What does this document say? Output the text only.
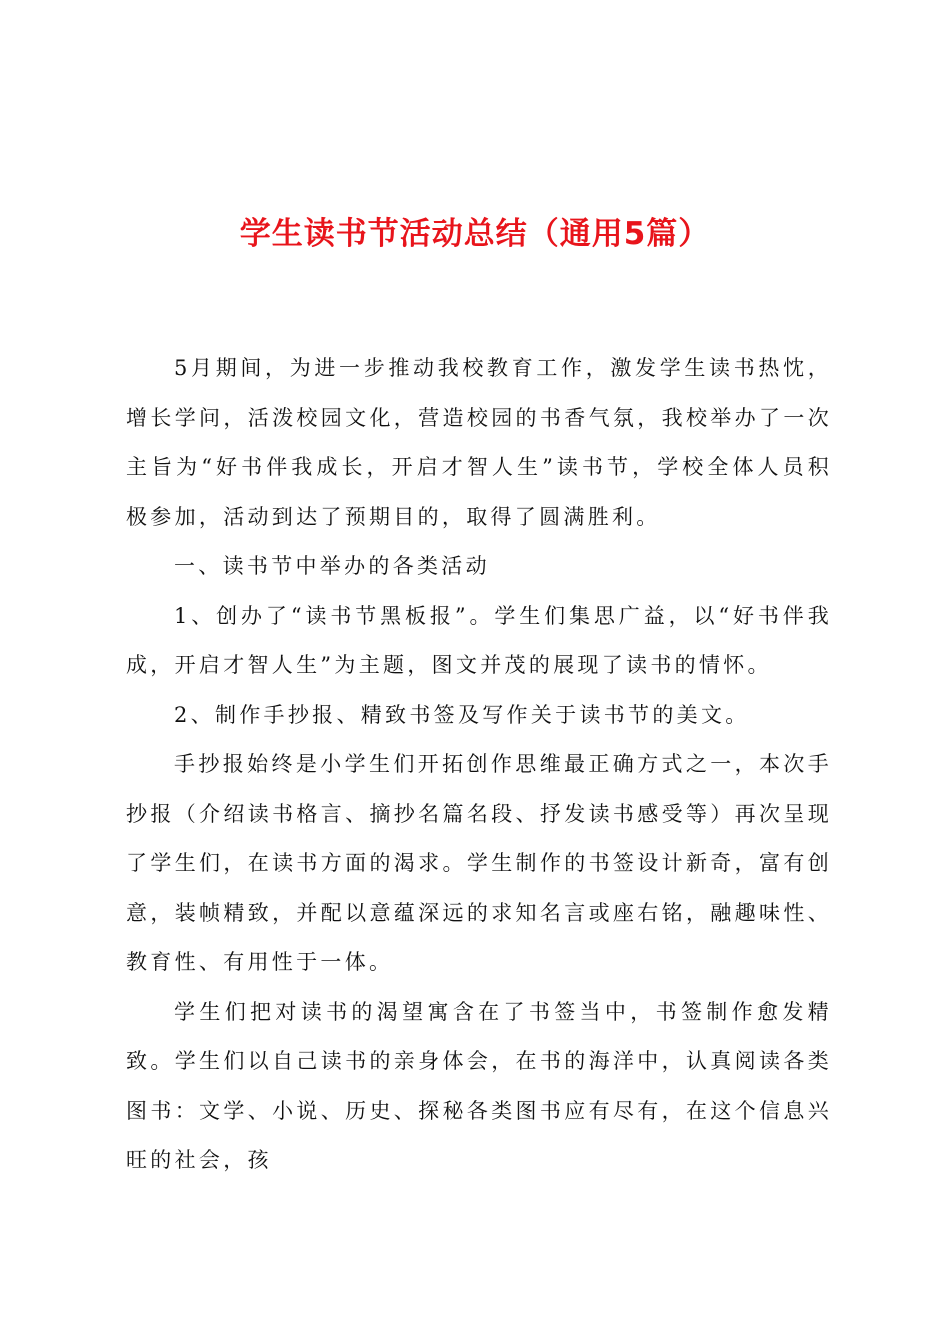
学生读书节活动总结（通用5篇）

5月期间，为进一步推动我校教育工作，激发学生读书热忱，增长学问，活泼校园文化，营造校园的书香气氛，我校举办了一次主旨为“好书伴我成长，开启才智人生”读书节，学校全体人员积极参加，活动到达了预期目的，取得了圆满胜利。

一、读书节中举办的各类活动

1、创办了“读书节黑板报”。学生们集思广益，以“好书伴我成，开启才智人生”为主题，图文并茂的展现了读书的情怀。

2、制作手抄报、精致书签及写作关于读书节的美文。

手抄报始终是小学生们开拓创作思维最正确方式之一，本次手抄报（介绍读书格言、摘抄名篇名段、抒发读书感受等）再次呈现了学生们，在读书方面的渴求。学生制作的书签设计新奇，富有创意，装帧精致，并配以意蕴深远的求知名言或座右铭，融趣味性、教育性、有用性于一体。

学生们把对读书的渴望寓含在了书签当中，书签制作愈发精致。学生们以自己读书的亲身体会，在书的海洋中，认真阅读各类图书：文学、小说、历史、探秘各类图书应有尽有，在这个信息兴旺的社会，孩
